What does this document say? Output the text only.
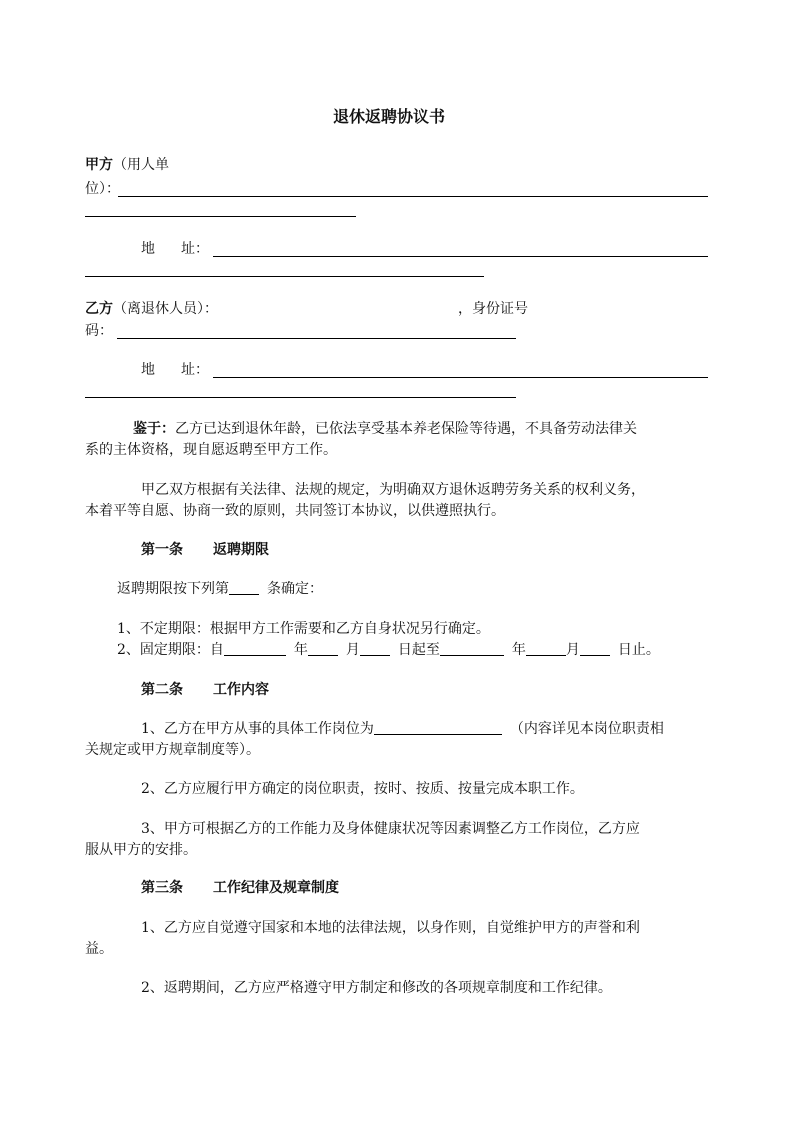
退休返聘协议书
甲方（用人单
位）：
地 址：
乙方（离退休人员）：	，身份证号
码：
地 址：
鉴于：乙方已达到退休年龄，已依法享受基本养老保险等待遇，不具备劳动法律关
系的主体资格，现自愿返聘至甲方工作。
甲乙双方根据有关法律、法规的规定，为明确双方退休返聘劳务关系的权利义务，
本着平等自愿、协商一致的原则，共同签订本协议，以供遵照执行。
第一条 返聘期限
返聘期限按下列第	条确定：
1、不定期限：根据甲方工作需要和乙方自身状况另行确定。
2、固定期限：自	年	月	日起至	年	月	日止。
第二条 工作内容
1、乙方在甲方从事的具体工作岗位为	（内容详见本岗位职责相
关规定或甲方规章制度等）。
2、乙方应履行甲方确定的岗位职责，按时、按质、按量完成本职工作。
3、甲方可根据乙方的工作能力及身体健康状况等因素调整乙方工作岗位，乙方应
服从甲方的安排。
第三条 工作纪律及规章制度
1、乙方应自觉遵守国家和本地的法律法规，以身作则，自觉维护甲方的声誉和利
益。
2、返聘期间，乙方应严格遵守甲方制定和修改的各项规章制度和工作纪律。
